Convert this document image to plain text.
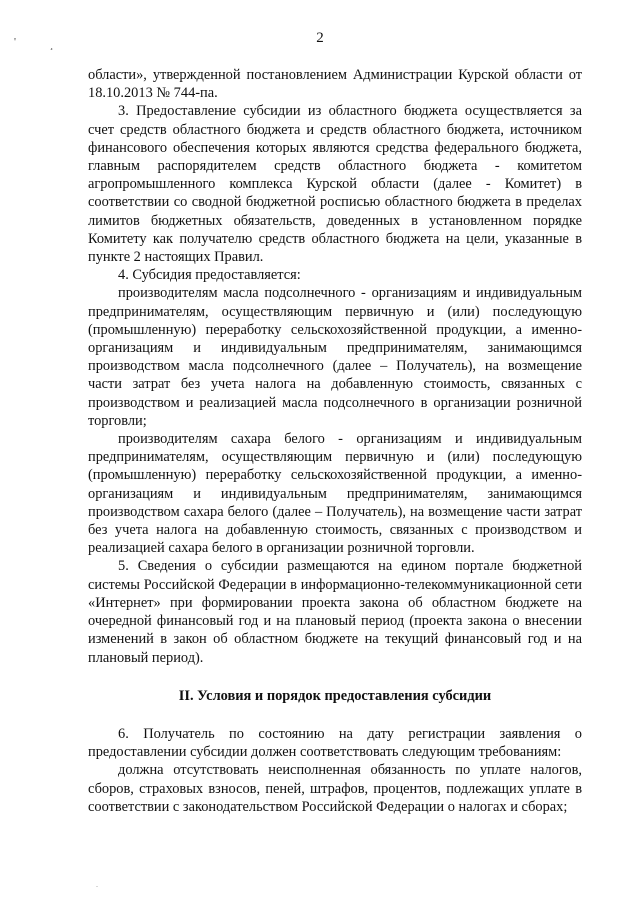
'	¸
.
2

области», утвержденной постановлением Администрации Курской области от 18.10.2013 № 744-па.

3. Предоставление субсидии из областного бюджета осуществляется за счет средств областного бюджета и средств областного бюджета, источником финансового обеспечения которых являются средства федерального бюджета, главным распорядителем средств областного бюджета - комитетом агропромышленного комплекса Курской области (далее - Комитет) в соответствии со сводной бюджетной росписью областного бюджета в пределах лимитов бюджетных обязательств, доведенных в установленном порядке Комитету как получателю средств областного бюджета на цели, указанные в пункте 2 настоящих Правил.

4. Субсидия предоставляется:

производителям масла подсолнечного - организациям и индивидуальным предпринимателям, осуществляющим первичную и (или) последующую (промышленную) переработку сельскохозяйственной продукции, а именно-организациям и индивидуальным предпринимателям, занимающимся производством масла подсолнечного (далее – Получатель), на возмещение части затрат без учета налога на добавленную стоимость, связанных с производством и реализацией масла подсолнечного в организации розничной торговли;

производителям сахара белого - организациям и индивидуальным предпринимателям, осуществляющим первичную и (или) последующую (промышленную) переработку сельскохозяйственной продукции, а именно-организациям и индивидуальным предпринимателям, занимающимся производством сахара белого (далее – Получатель), на возмещение части затрат без учета налога на добавленную стоимость, связанных с производством и реализацией сахара белого в организации розничной торговли.

5. Сведения о субсидии размещаются на едином портале бюджетной системы Российской Федерации в информационно-телекоммуникационной сети «Интернет» при формировании проекта закона об областном бюджете на очередной финансовый год и на плановый период (проекта закона о внесении изменений в закон об областном бюджете на текущий финансовый год и на плановый период).

II. Условия и порядок предоставления субсидии

6. Получатель по состоянию на дату регистрации заявления о предоставлении субсидии должен соответствовать следующим требованиям:

должна отсутствовать неисполненная обязанность по уплате налогов, сборов, страховых взносов, пеней, штрафов, процентов, подлежащих уплате в соответствии с законодательством Российской Федерации о налогах и сборах;
